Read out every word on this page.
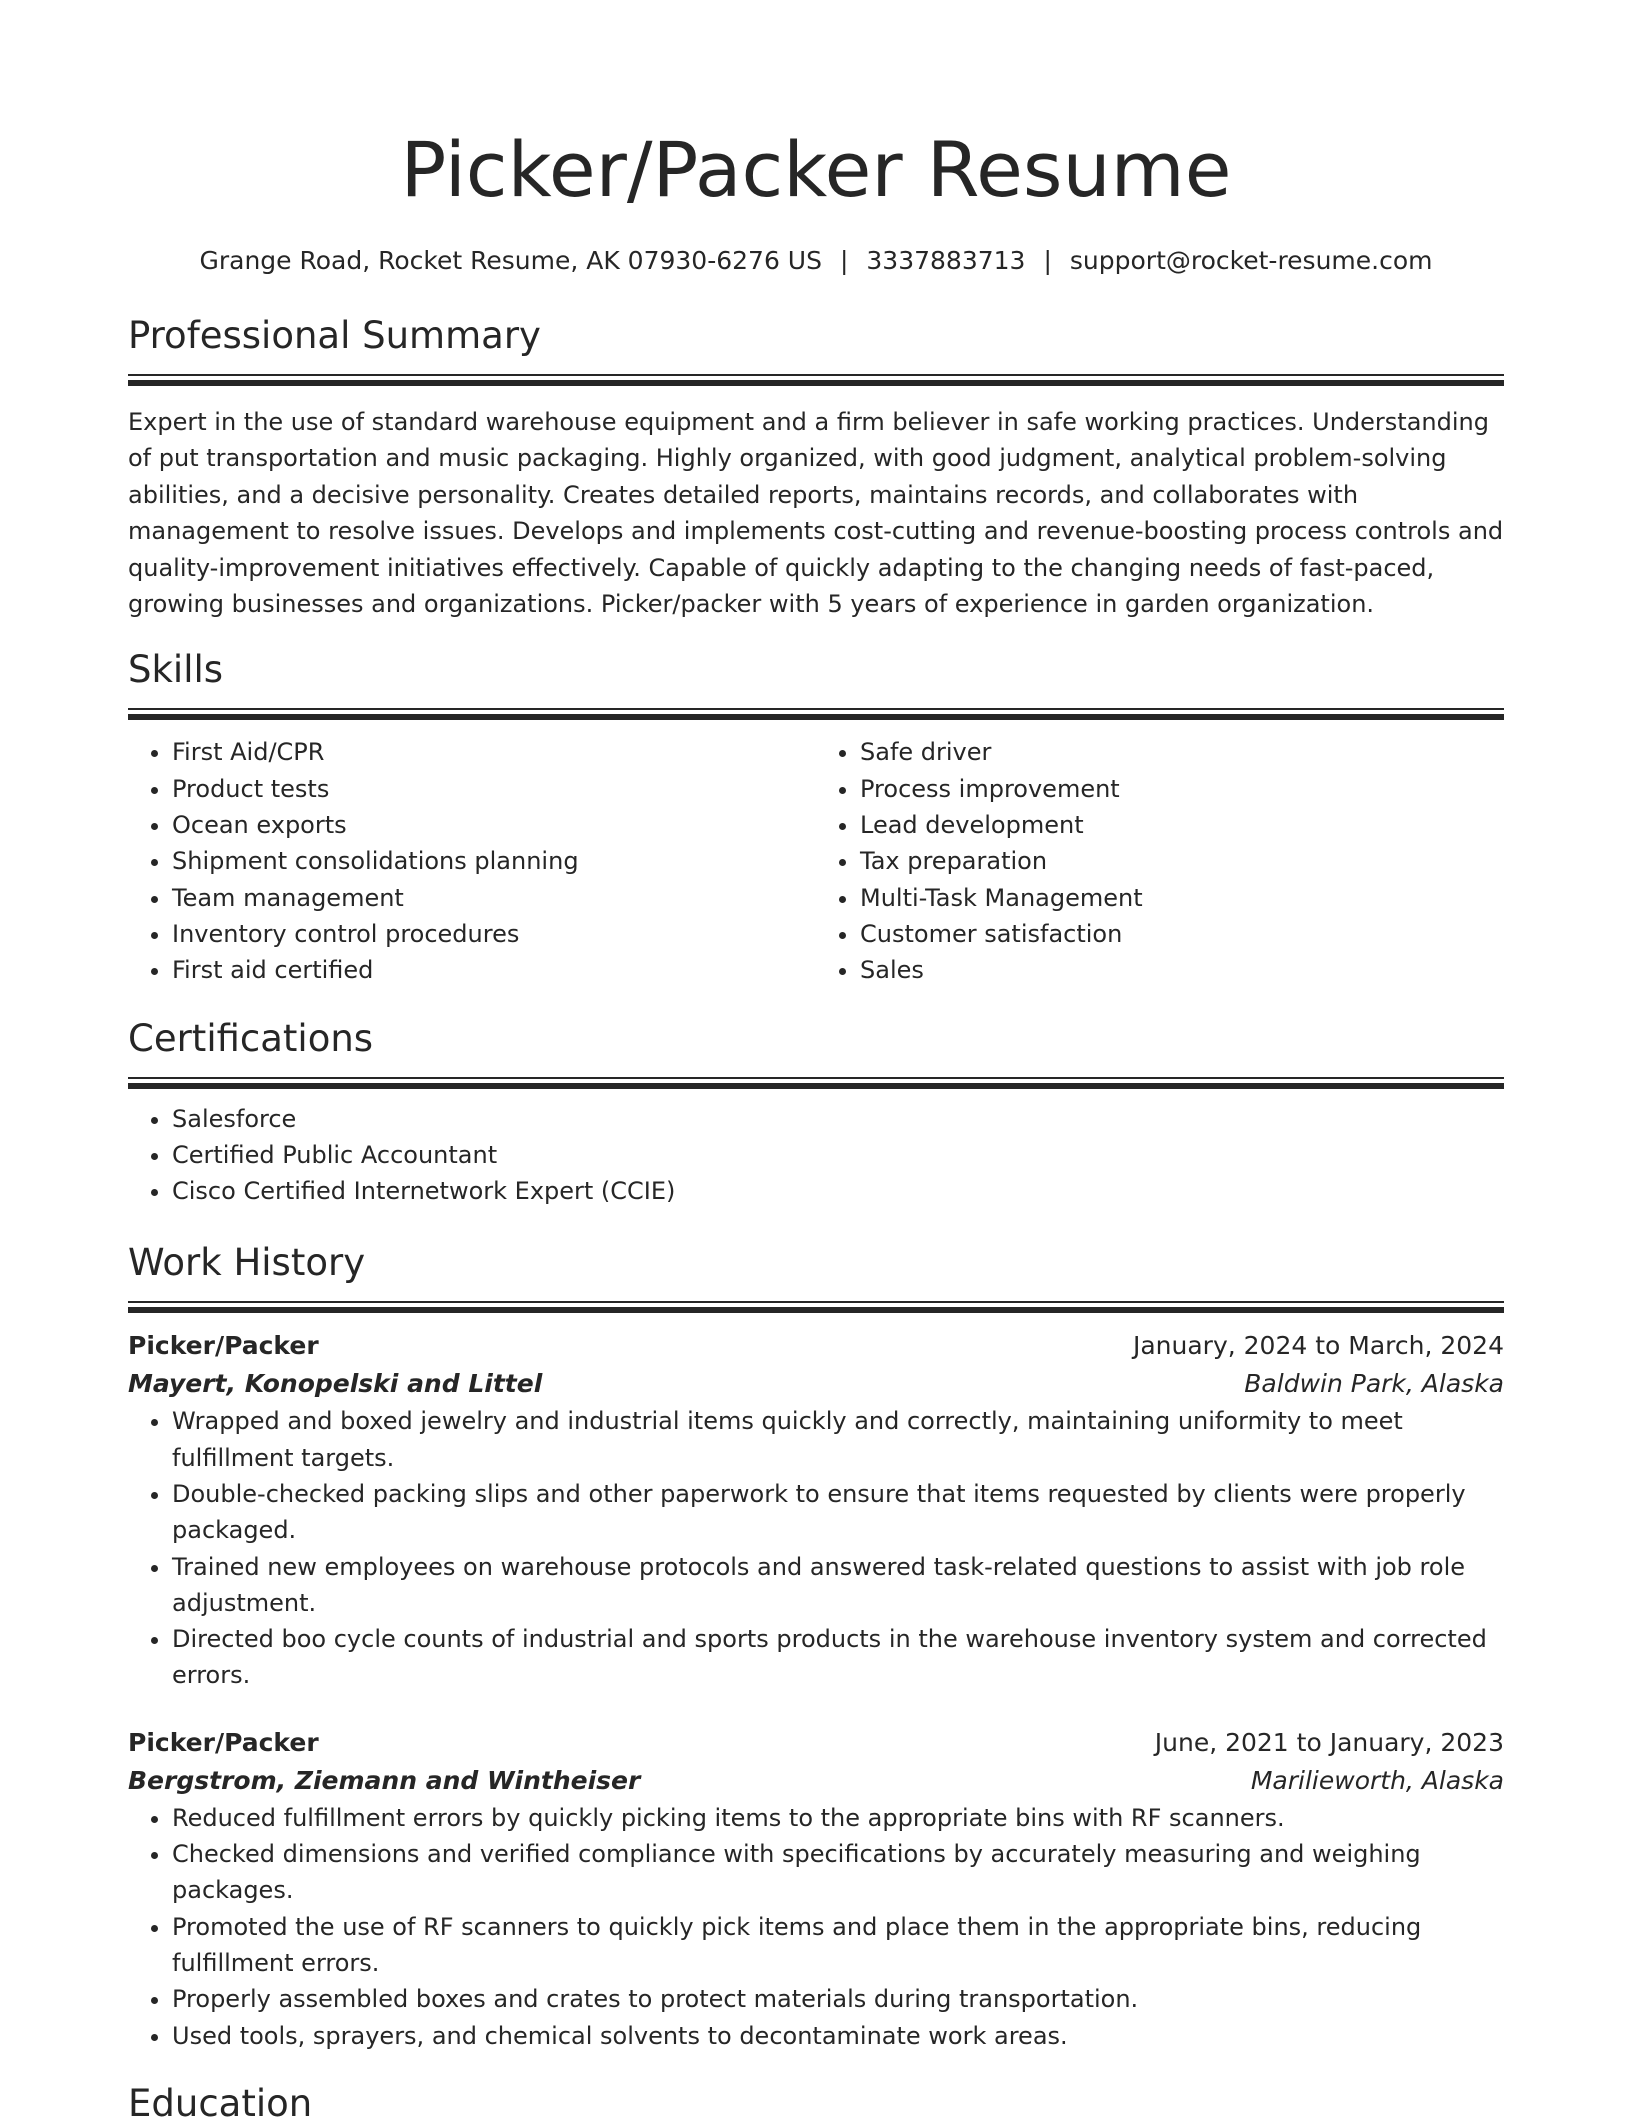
Picker/Packer Resume
Grange Road, Rocket Resume, AK 07930-6276 US | 3337883713 | support@rocket-resume.com
Professional Summary
Expert in the use of standard warehouse equipment and a firm believer in safe working practices. Understanding of put transportation and music packaging. Highly organized, with good judgment, analytical problem-solving abilities, and a decisive personality. Creates detailed reports, maintains records, and collaborates with management to resolve issues. Develops and implements cost-cutting and revenue-boosting process controls and quality-improvement initiatives effectively. Capable of quickly adapting to the changing needs of fast-paced, growing businesses and organizations. Picker/packer with 5 years of experience in garden organization.
Skills
• First Aid/CPR
• Product tests
• Ocean exports
• Shipment consolidations planning
• Team management
• Inventory control procedures
• First aid certified
• Safe driver
• Process improvement
• Lead development
• Tax preparation
• Multi-Task Management
• Customer satisfaction
• Sales
Certifications
• Salesforce
• Certified Public Accountant
• Cisco Certified Internetwork Expert (CCIE)
Work History
Picker/Packer	January, 2024 to March, 2024
Mayert, Konopelski and Littel	Baldwin Park, Alaska
• Wrapped and boxed jewelry and industrial items quickly and correctly, maintaining uniformity to meet fulfillment targets.
• Double-checked packing slips and other paperwork to ensure that items requested by clients were properly packaged.
• Trained new employees on warehouse protocols and answered task-related questions to assist with job role adjustment.
• Directed boo cycle counts of industrial and sports products in the warehouse inventory system and corrected errors.
Picker/Packer	June, 2021 to January, 2023
Bergstrom, Ziemann and Wintheiser	Marilieworth, Alaska
• Reduced fulfillment errors by quickly picking items to the appropriate bins with RF scanners.
• Checked dimensions and verified compliance with specifications by accurately measuring and weighing packages.
• Promoted the use of RF scanners to quickly pick items and place them in the appropriate bins, reducing fulfillment errors.
• Properly assembled boxes and crates to protect materials during transportation.
• Used tools, sprayers, and chemical solvents to decontaminate work areas.
Education
